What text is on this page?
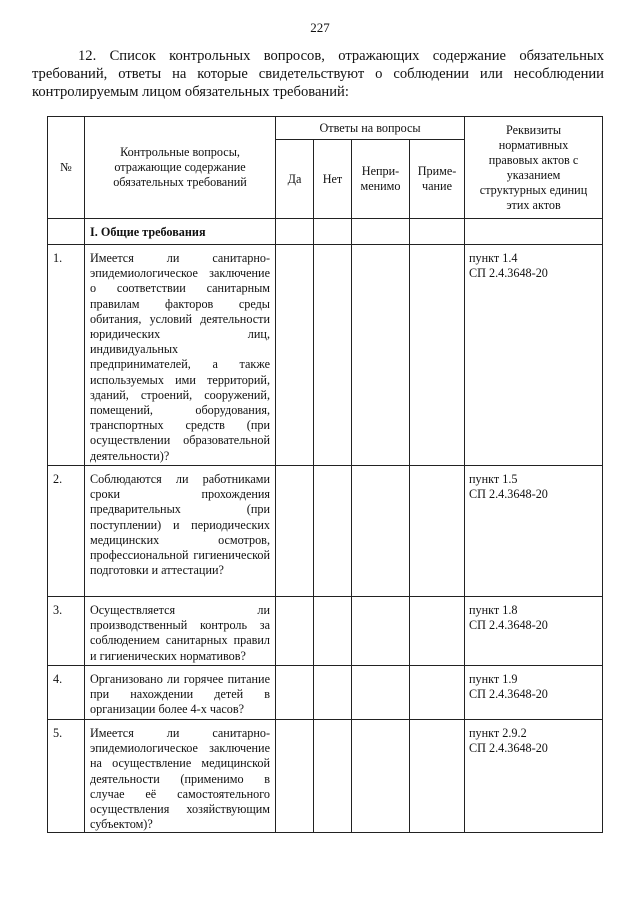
227
12. Список контрольных вопросов, отражающих содержание обязательных требований, ответы на которые свидетельствуют о соблюдении или несоблюдении контролируемым лицом обязательных требований:
№	Контрольные вопросы, отражающие содержание обязательных требований	Ответы на вопросы				Реквизиты нормативных правовых актов с указанием структурных единиц этих актов
		Да	Нет	Непри-менимо	Приме-чание	
	I. Общие требования					
1.	Имеется ли санитарно-эпидемиологическое заключение о соответствии санитарным правилам факторов среды обитания, условий деятельности юридических лиц, индивидуальных предпринимателей, а также используемых ими территорий, зданий, строений, сооружений, помещений, оборудования, транспортных средств (при осуществлении образовательной деятельности)?					пункт 1.4
СП 2.4.3648-20

2.	Соблюдаются ли работниками сроки прохождения предварительных (при поступлении) и периодических медицинских осмотров, профессиональной гигиенической подготовки и аттестации?					пункт 1.5
СП 2.4.3648-20

3.	Осуществляется ли производственный контроль за соблюдением санитарных правил и гигиенических нормативов?					пункт 1.8
СП 2.4.3648-20

4.	Организовано ли горячее питание при нахождении детей в организации более 4-х часов?					пункт 1.9
СП 2.4.3648-20

5.	Имеется ли санитарно-эпидемиологическое заключение на осуществление медицинской деятельности (применимо в случае её самостоятельного осуществления хозяйствующим субъектом)?					пункт 2.9.2
СП 2.4.3648-20
